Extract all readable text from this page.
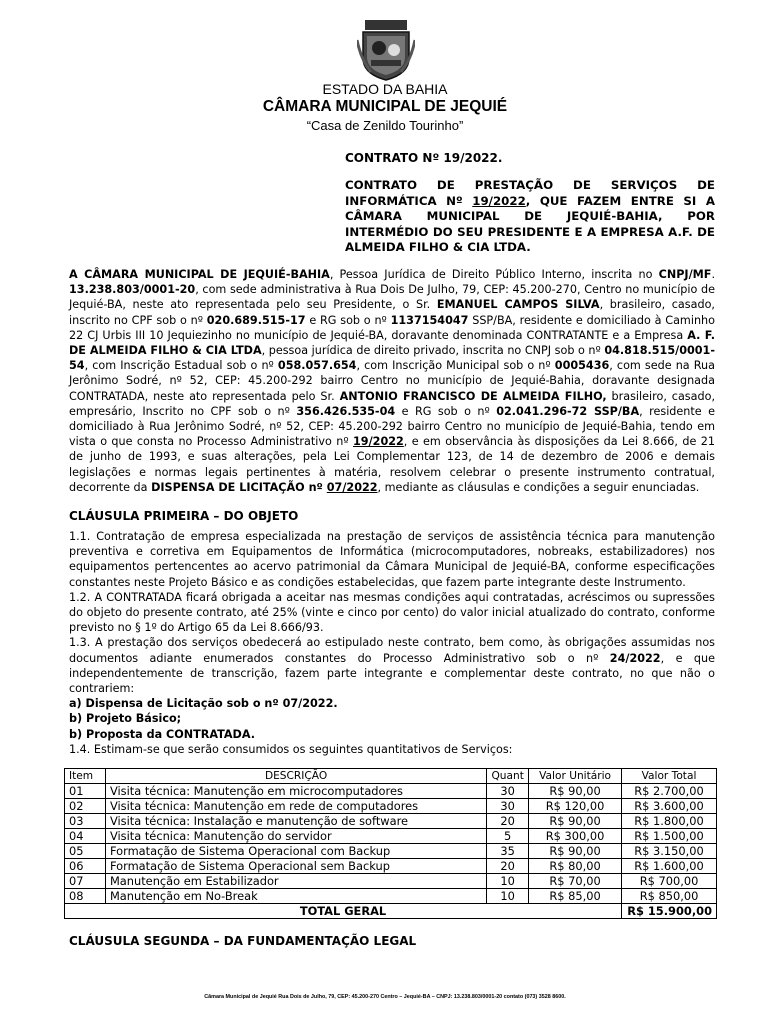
ESTADO DA BAHIA
CÂMARA MUNICIPAL DE JEQUIÉ
“Casa de Zenildo Tourinho”
CONTRATO Nº 19/2022.
CONTRATO DE PRESTAÇÃO DE SERVIÇOS DE INFORMÁTICA Nº 19/2022, QUE FAZEM ENTRE SI A CÂMARA MUNICIPAL DE JEQUIÉ-BAHIA, POR INTERMÉDIO DO SEU PRESIDENTE E A EMPRESA A.F. DE ALMEIDA FILHO & CIA LTDA.
A CÂMARA MUNICIPAL DE JEQUIÉ-BAHIA, Pessoa Jurídica de Direito Público Interno, inscrita no CNPJ/MF. 13.238.803/0001-20, com sede administrativa à Rua Dois De Julho, 79, CEP: 45.200-270, Centro no município de Jequié-BA, neste ato representada pelo seu Presidente, o Sr. EMANUEL CAMPOS SILVA, brasileiro, casado, inscrito no CPF sob o nº 020.689.515-17 e RG sob o nº 1137154047 SSP/BA, residente e domiciliado à Caminho 22 CJ Urbis III 10 Jequiezinho no município de Jequié-BA, doravante denominada CONTRATANTE e a Empresa A. F. DE ALMEIDA FILHO & CIA LTDA, pessoa jurídica de direito privado, inscrita no CNPJ sob o nº 04.818.515/0001-54, com Inscrição Estadual sob o nº 058.057.654, com Inscrição Municipal sob o nº 0005436, com sede na Rua Jerônimo Sodré, nº 52, CEP: 45.200-292 bairro Centro no município de Jequié-Bahia, doravante designada CONTRATADA, neste ato representada pelo Sr. ANTONIO FRANCISCO DE ALMEIDA FILHO, brasileiro, casado, empresário, Inscrito no CPF sob o nº 356.426.535-04 e RG sob o nº 02.041.296-72 SSP/BA, residente e domiciliado à Rua Jerônimo Sodré, nº 52, CEP: 45.200-292 bairro Centro no município de Jequié-Bahia, tendo em vista o que consta no Processo Administrativo nº 19/2022, e em observância às disposições da Lei 8.666, de 21 de junho de 1993, e suas alterações, pela Lei Complementar 123, de 14 de dezembro de 2006 e demais legislações e normas legais pertinentes à matéria, resolvem celebrar o presente instrumento contratual, decorrente da DISPENSA DE LICITAÇÃO nº 07/2022, mediante as cláusulas e condições a seguir enunciadas.
CLÁUSULA PRIMEIRA – DO OBJETO

1.1. Contratação de empresa especializada na prestação de serviços de assistência técnica para manutenção preventiva e corretiva em Equipamentos de Informática (microcomputadores, nobreaks, estabilizadores) nos equipamentos pertencentes ao acervo patrimonial da Câmara Municipal de Jequié-BA, conforme especificações constantes neste Projeto Básico e as condições estabelecidas, que fazem parte integrante deste Instrumento.

1.2. A CONTRATADA ficará obrigada a aceitar nas mesmas condições aqui contratadas, acréscimos ou supressões do objeto do presente contrato, até 25% (vinte e cinco por cento) do valor inicial atualizado do contrato, conforme previsto no § 1º do Artigo 65 da Lei 8.666/93.

1.3. A prestação dos serviços obedecerá ao estipulado neste contrato, bem como, às obrigações assumidas nos documentos adiante enumerados constantes do Processo Administrativo sob o nº 24/2022, e que independentemente de transcrição, fazem parte integrante e complementar deste contrato, no que não o contrariem:

a) Dispensa de Licitação sob o nº 07/2022.

b) Projeto Básico;

b) Proposta da CONTRATADA.

1.4. Estimam-se que serão consumidos os seguintes quantitativos de Serviços:

Item	DESCRIÇÃO	Quant	Valor Unitário	Valor Total
01	Visita técnica: Manutenção em microcomputadores	30	R$ 90,00	R$ 2.700,00
02	Visita técnica: Manutenção em rede de computadores	30	R$ 120,00	R$ 3.600,00
03	Visita técnica: Instalação e manutenção de software	20	R$ 90,00	R$ 1.800,00
04	Visita técnica: Manutenção do servidor	5	R$ 300,00	R$ 1.500,00
05	Formatação de Sistema Operacional com Backup	35	R$ 90,00	R$ 3.150,00
06	Formatação de Sistema Operacional sem Backup	20	R$ 80,00	R$ 1.600,00
07	Manutenção em Estabilizador	10	R$ 70,00	R$ 700,00
08	Manutenção em No-Break	10	R$ 85,00	R$ 850,00
TOTAL GERAL				R$ 15.900,00
CLÁUSULA SEGUNDA – DA FUNDAMENTAÇÃO LEGAL
Câmara Municipal de Jequié Rua Dois de Julho, 79, CEP: 45.200-270 Centro – Jequié-BA – CNPJ: 13.238.803/0001-20 contato (073) 3528 8600.
